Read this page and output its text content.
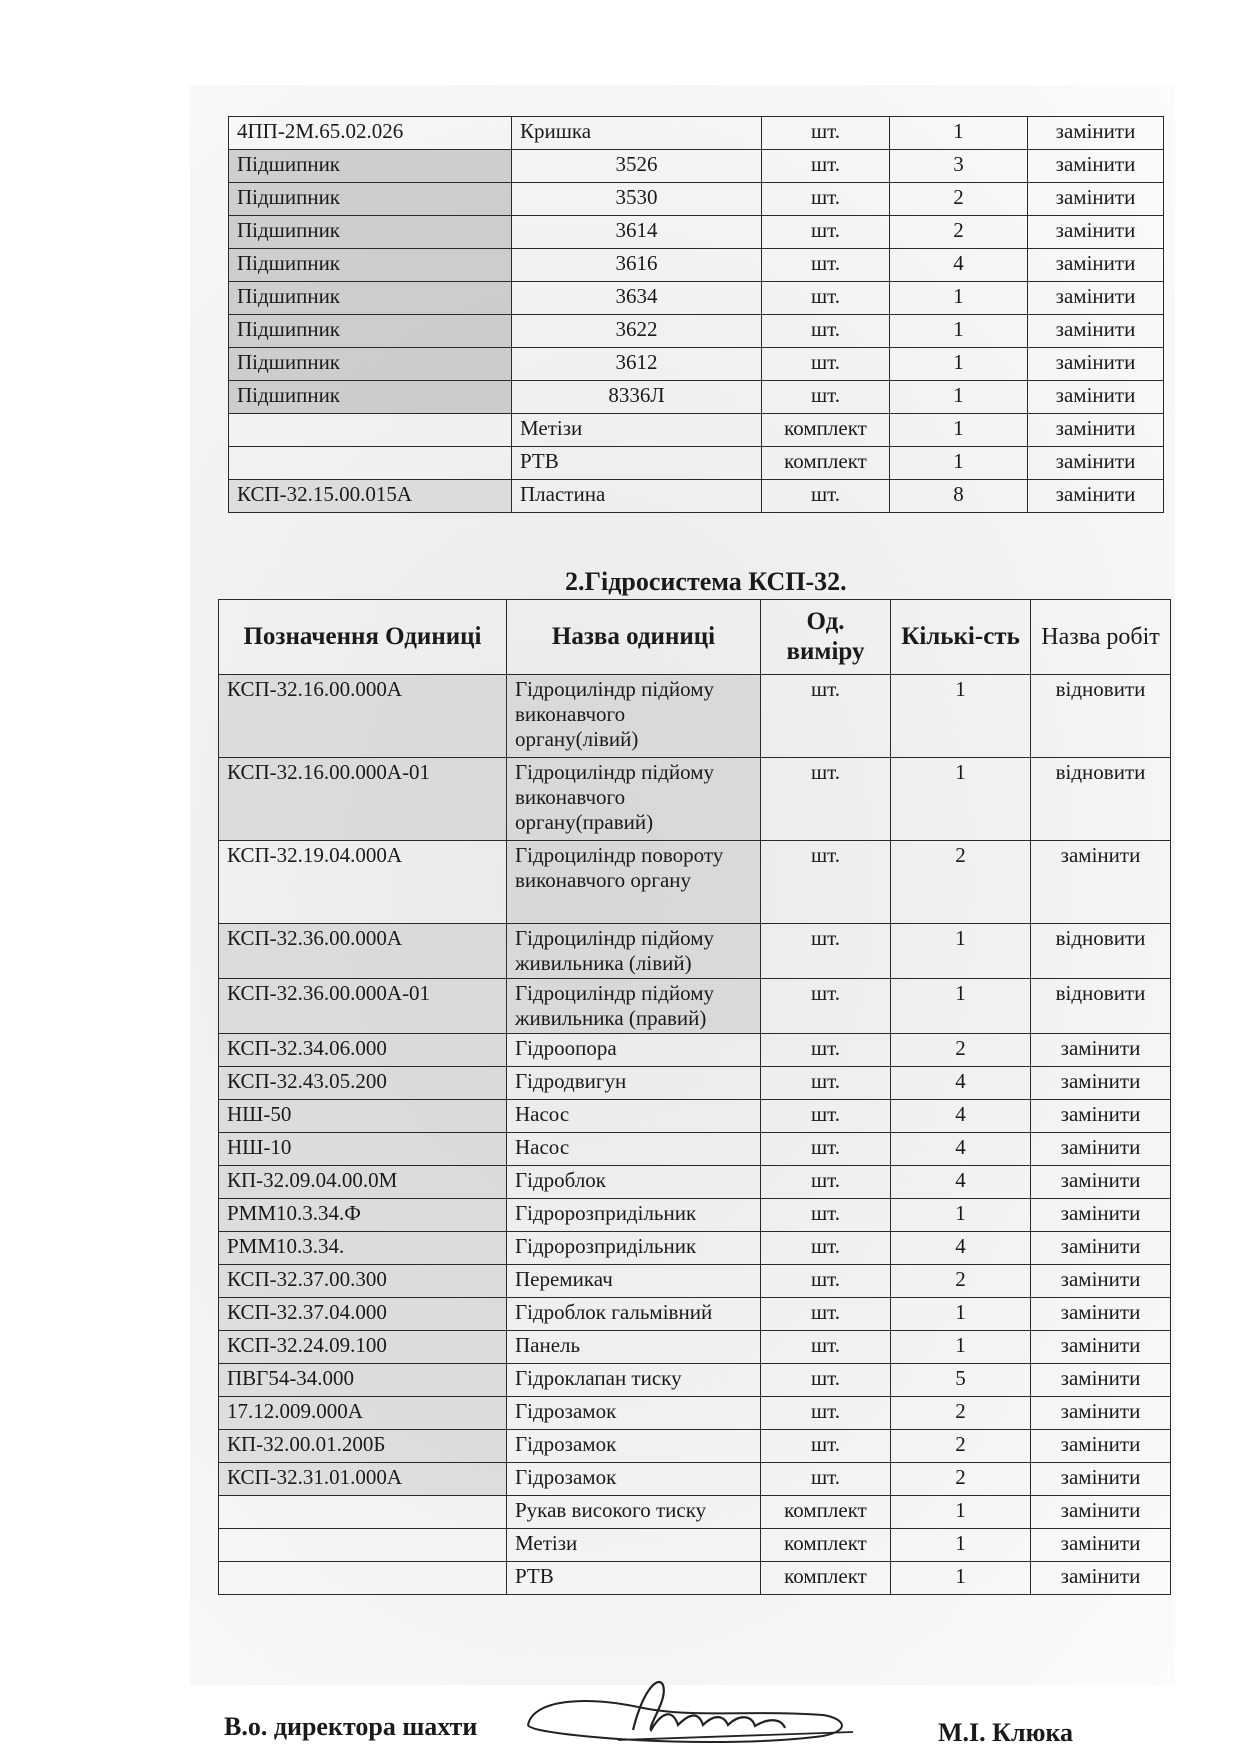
4ПП-2М.65.02.026	Кришка	шт.	1	замінити
Підшипник	3526	шт.	3	замінити
Підшипник	3530	шт.	2	замінити
Підшипник	3614	шт.	2	замінити
Підшипник	3616	шт.	4	замінити
Підшипник	3634	шт.	1	замінити
Підшипник	3622	шт.	1	замінити
Підшипник	3612	шт.	1	замінити
Підшипник	8336Л	шт.	1	замінити
	Метізи	комплект	1	замінити
	РТВ	комплект	1	замінити
КСП-32.15.00.015А	Пластина	шт.	8	замінити
2.Гідросистема КСП-32.
Позначення Одиниці	Назва одиниці	Од. виміру	Кількі-сть	Назва робіт
КСП-32.16.00.000А	Гідроцилiндр підйому виконавчого органу(лівий)	шт.	1	відновити
КСП-32.16.00.000А-01	Гідроцилiндр підйому виконавчого органу(правий)	шт.	1	відновити
КСП-32.19.04.000А	Гідроцилiндр повороту виконавчого органу	шт.	2	замінити
КСП-32.36.00.000А	Гідроцилiндр підйому живильника (лівий)	шт.	1	відновити
КСП-32.36.00.000А-01	Гідроцилiндр підйому живильника (правий)	шт.	1	відновити
КСП-32.34.06.000	Гідроопора	шт.	2	замінити
КСП-32.43.05.200	Гідродвигун	шт.	4	замінити
НШ-50	Насос	шт.	4	замінити
НШ-10	Насос	шт.	4	замінити
КП-32.09.04.00.0М	Гідроблок	шт.	4	замінити
РММ10.3.34.Ф	Гідророзпридільник	шт.	1	замінити
РММ10.3.34.	Гідророзпридільник	шт.	4	замінити
КСП-32.37.00.300	Перемикач	шт.	2	замінити
КСП-32.37.04.000	Гідроблок гальмівний	шт.	1	замінити
КСП-32.24.09.100	Панель	шт.	1	замінити
ПВГ54-34.000	Гідроклапан тиску	шт.	5	замінити
17.12.009.000А	Гідрозамок	шт.	2	замінити
КП-32.00.01.200Б	Гідрозамок	шт.	2	замінити
КСП-32.31.01.000А	Гідрозамок	шт.	2	замінити
	Рукав високого тиску	комплект	1	замінити
	Метізи	комплект	1	замінити
	РТВ	комплект	1	замінити
В.о. директора шахти	М.І. Клюка
